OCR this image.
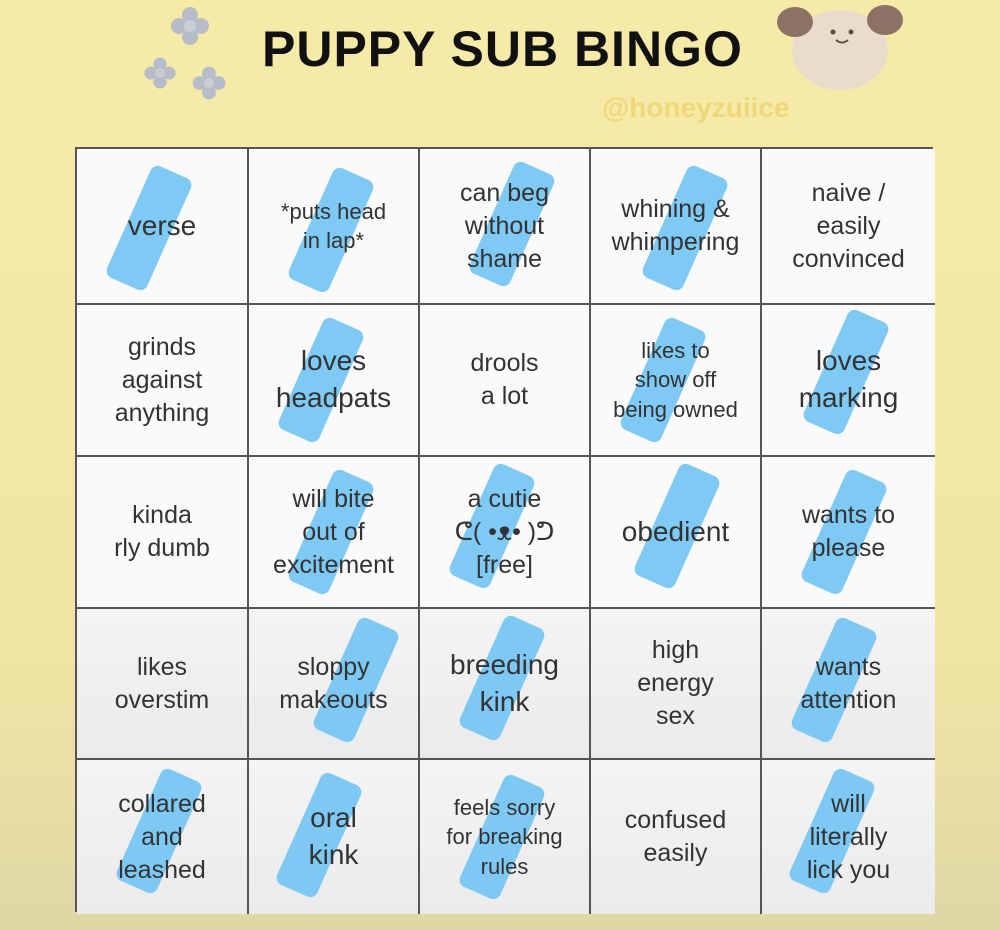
PUPPY SUB BINGO
@honeyzuiice
verse	*puts head
in lap*
can beg
without
shame
whining &
whimpering
naive /
easily
convinced
grinds
against
anything
loves
headpats
drools
a lot
likes to
show off
being owned
loves
marking
kinda
rly dumb
will bite
out of
excitement
a cutie
ᕦ( •ᴥ• )ᕤ
[free]
obedient
wants to
please
likes
overstim
sloppy
makeouts
breeding
kink
high
energy
sex
wants
attention
collared
and
leashed
oral
kink
feels sorry
for breaking
rules
confused
easily
will
literally
lick you
